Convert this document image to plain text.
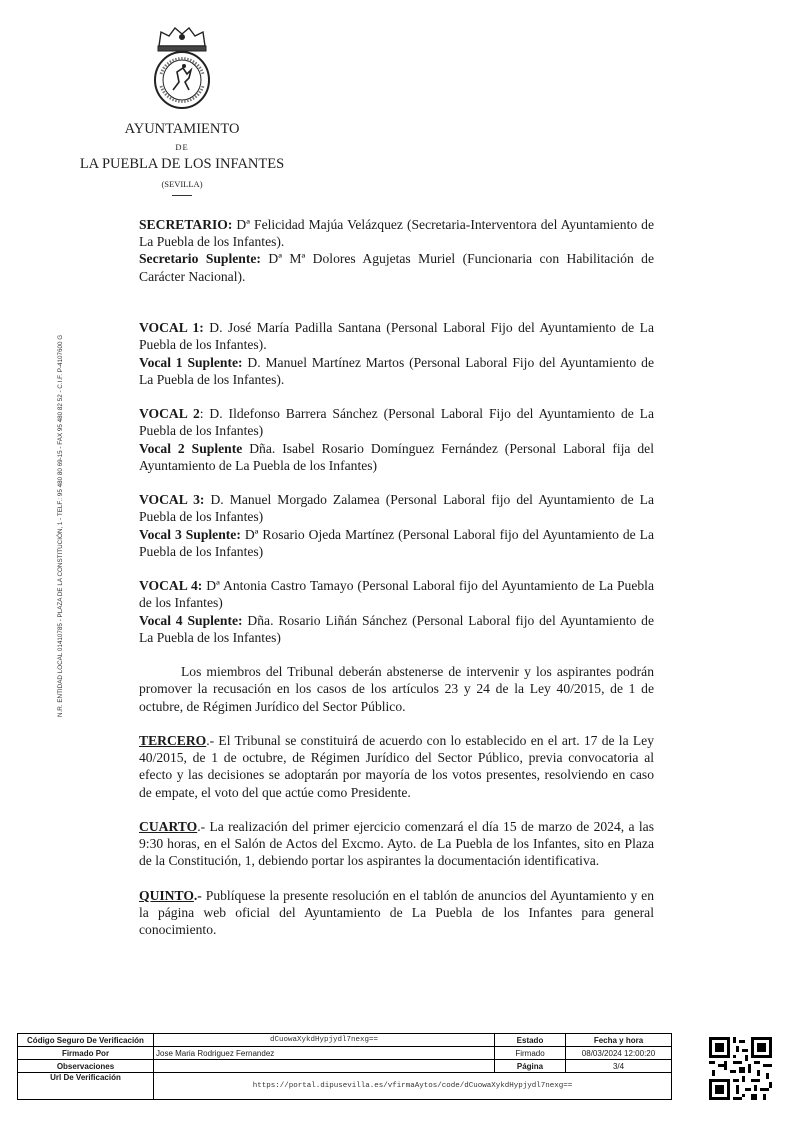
AYUNTAMIENTO
DE
LA PUEBLA DE LOS INFANTES
(SEVILLA)
N.R. ENTIDAD LOCAL 01410785 - PLAZA DE LA CONSTITUCIÓN, 1 - TELF.: 95 480 80 69-15 - FAX 95 480 82 52 - C.I.F. P-4107600 G

SECRETARIO: Dª Felicidad Majúa Velázquez (Secretaria-Interventora del Ayuntamiento de La Puebla de los Infantes).

Secretario Suplente: Dª Mª Dolores Agujetas Muriel (Funcionaria con Habilitación de Carácter Nacional).

VOCAL 1: D. José María Padilla Santana (Personal Laboral Fijo del Ayuntamiento de La Puebla de los Infantes).

Vocal 1 Suplente: D. Manuel Martínez Martos (Personal Laboral Fijo del Ayuntamiento de La Puebla de los Infantes).

VOCAL 2: D. Ildefonso Barrera Sánchez (Personal Laboral Fijo del Ayuntamiento de La Puebla de los Infantes)

Vocal 2 Suplente Dña. Isabel Rosario Domínguez Fernández (Personal Laboral fija del Ayuntamiento de La Puebla de los Infantes)

VOCAL 3: D. Manuel Morgado Zalamea (Personal Laboral fijo del Ayuntamiento de La Puebla de los Infantes)

Vocal 3 Suplente: Dª Rosario Ojeda Martínez (Personal Laboral fijo del Ayuntamiento de La Puebla de los Infantes)

VOCAL 4: Dª Antonia Castro Tamayo (Personal Laboral fijo del Ayuntamiento de La Puebla de los Infantes)

Vocal 4 Suplente: Dña. Rosario Liñán Sánchez (Personal Laboral fijo del Ayuntamiento de La Puebla de los Infantes)

Los miembros del Tribunal deberán abstenerse de intervenir y los aspirantes podrán promover la recusación en los casos de los artículos 23 y 24 de la Ley 40/2015, de 1 de octubre, de Régimen Jurídico del Sector Público.

TERCERO.- El Tribunal se constituirá de acuerdo con lo establecido en el art. 17 de la Ley 40/2015, de 1 de octubre, de Régimen Jurídico del Sector Público, previa convocatoria al efecto y las decisiones se adoptarán por mayoría de los votos presentes, resolviendo en caso de empate, el voto del que actúe como Presidente.

CUARTO.- La realización del primer ejercicio comenzará el día 15 de marzo de 2024, a las 9:30 horas, en el Salón de Actos del Excmo. Ayto. de La Puebla de los Infantes, sito en Plaza de la Constitución, 1, debiendo portar los aspirantes la documentación identificativa.

QUINTO.- Publíquese la presente resolución en el tablón de anuncios del Ayuntamiento y en la página web oficial del Ayuntamiento de La Puebla de los Infantes para general conocimiento.

Código Seguro De Verificación	dCuowaXykdHypjydl7nexg==	Estado	Fecha y hora
Firmado Por	Jose Maria Rodriguez Fernandez	Firmado	08/03/2024 12:00:20
Observaciones		Página	3/4
Url De Verificación	https://portal.dipusevilla.es/vfirmaAytos/code/dCuowaXykdHypjydl7nexg==		
